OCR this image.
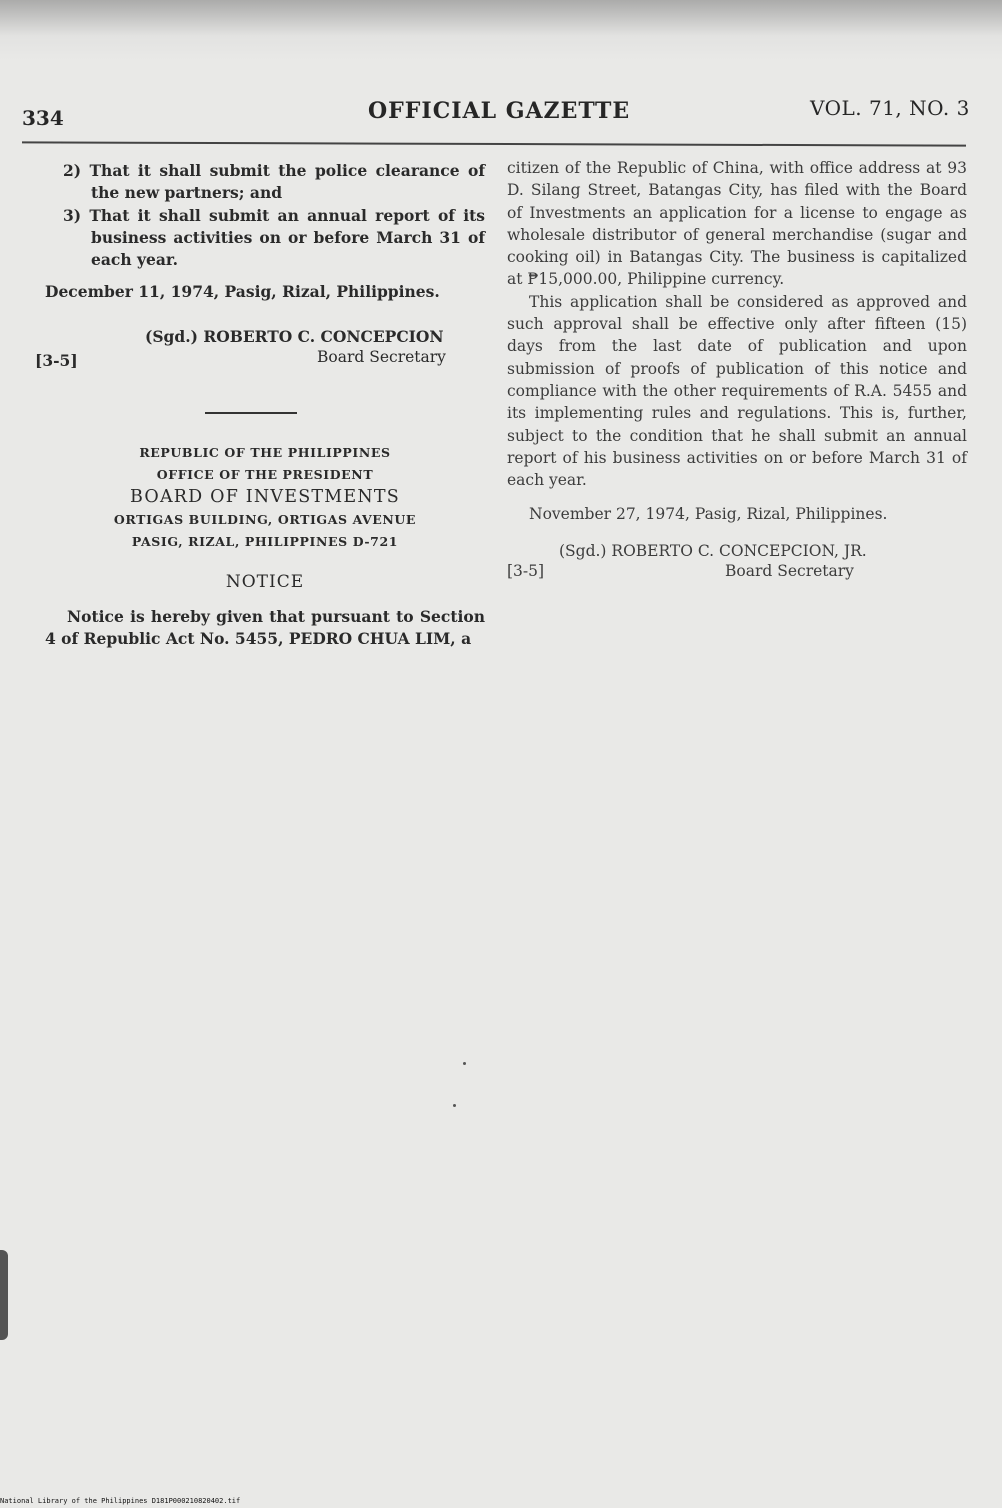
334	OFFICIAL GAZETTE	VOL. 71, NO. 3

2) That it shall submit the police clearance of the new partners; and

3) That it shall submit an annual report of its business activities on or before March 31 of each year.

December 11, 1974, Pasig, Rizal, Philippines.

(Sgd.) ROBERTO C. CONCEPCION
Board Secretary
[3-5]

REPUBLIC OF THE PHILIPPINES

OFFICE OF THE PRESIDENT

BOARD OF INVESTMENTS

ORTIGAS BUILDING, ORTIGAS AVENUE

PASIG, RIZAL, PHILIPPINES D-721

NOTICE

Notice is hereby given that pursuant to Section 4 of Republic Act No. 5455, PEDRO CHUA LIM, a

citizen of the Republic of China, with office address at 93 D. Silang Street, Batangas City, has filed with the Board of Investments an application for a license to engage as wholesale distributor of general merchandise (sugar and cooking oil) in Batangas City. The business is capitalized at ₱15,000.00, Philippine currency.

This application shall be considered as approved and such approval shall be effective only after fifteen (15) days from the last date of publication and upon submission of proofs of publication of this notice and compliance with the other requirements of R.A. 5455 and its implementing rules and regulations. This is, further, subject to the condition that he shall submit an annual report of his business activities on or before March 31 of each year.

November 27, 1974, Pasig, Rizal, Philippines.

(Sgd.) ROBERTO C. CONCEPCION, JR.
Board Secretary
[3-5]
National Library of the Philippines D181P000210820402.tif
